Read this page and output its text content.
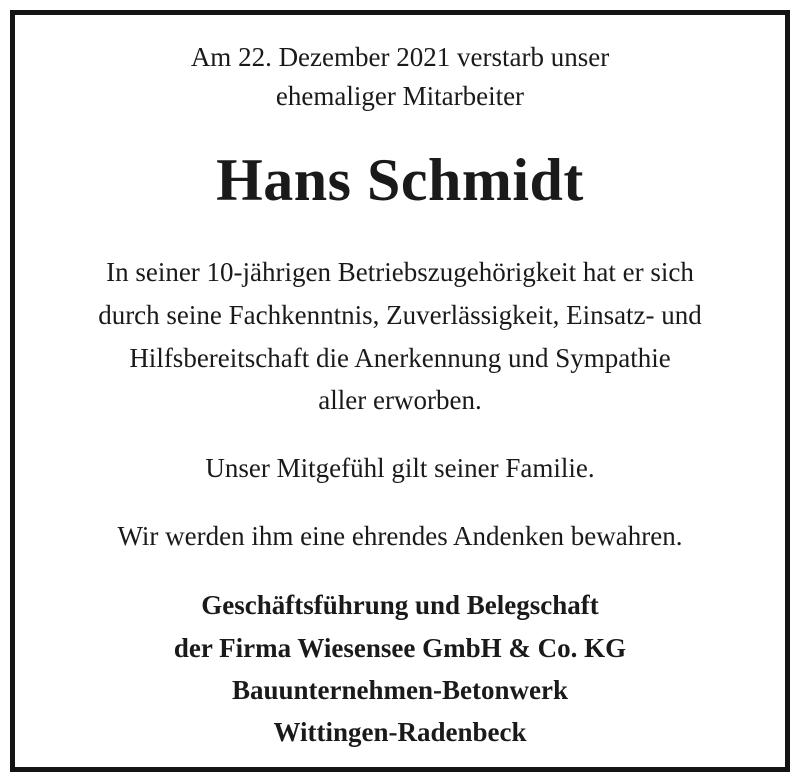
Am 22. Dezember 2021 verstarb unser
ehemaliger Mitarbeiter
Hans Schmidt
In seiner 10-jährigen Betriebszugehörigkeit hat er sich
durch seine Fachkenntnis, Zuverlässigkeit, Einsatz- und
Hilfsbereitschaft die Anerkennung und Sympathie
aller erworben.
Unser Mitgefühl gilt seiner Familie.
Wir werden ihm eine ehrendes Andenken bewahren.
Geschäftsführung und Belegschaft
der Firma Wiesensee GmbH & Co. KG
Bauunternehmen-Betonwerk
Wittingen-Radenbeck
